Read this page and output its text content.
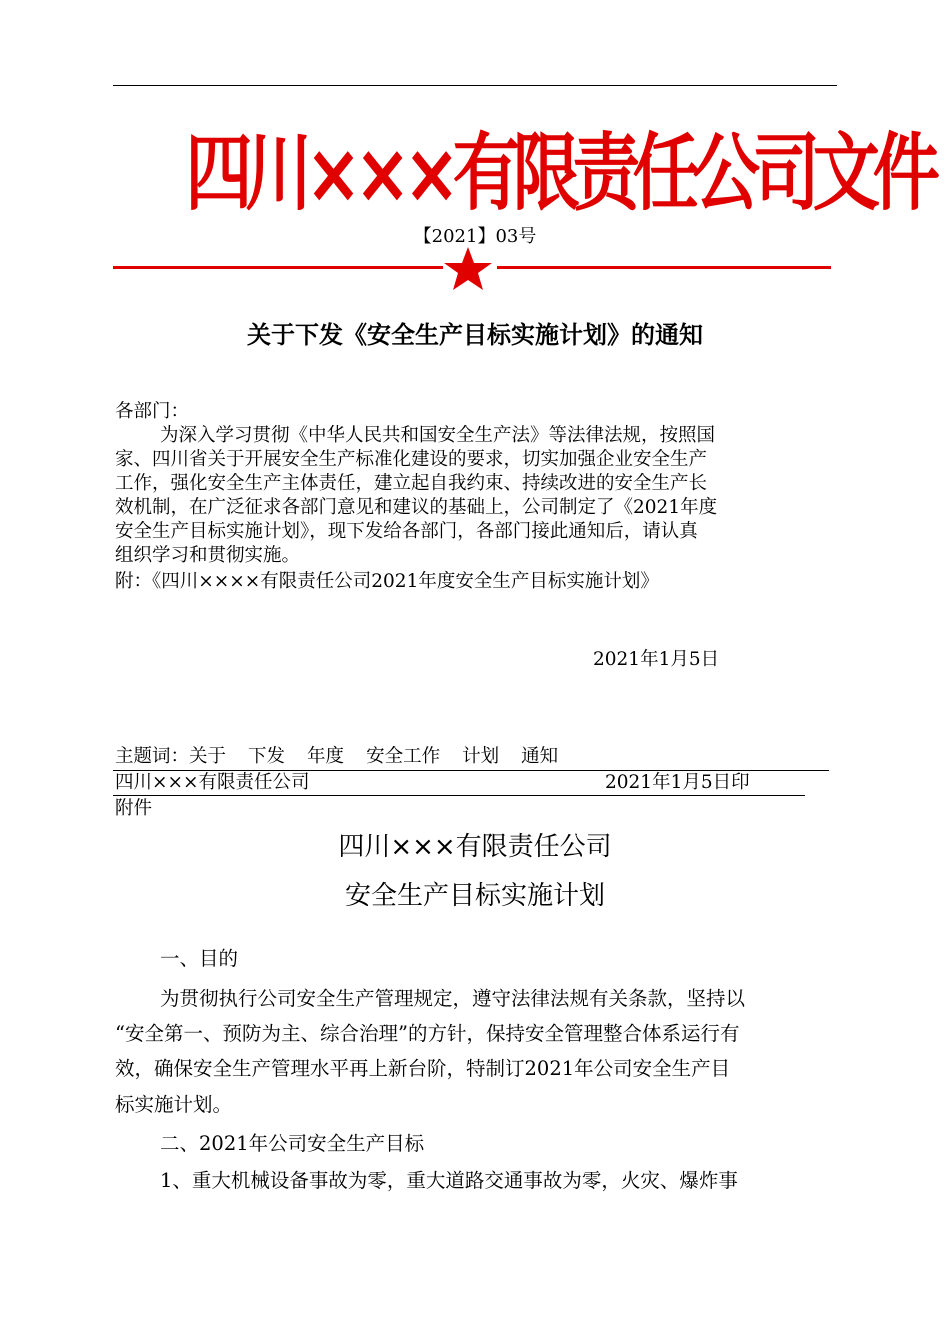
四川×××有限责任公司文件
【2021】03号
关于下发《安全生产目标实施计划》的通知
各部门：
为深入学习贯彻《中华人民共和国安全生产法》等法律法规，按照国
家、四川省关于开展安全生产标准化建设的要求，切实加强企业安全生产
工作，强化安全生产主体责任，建立起自我约束、持续改进的安全生产长
效机制，在广泛征求各部门意见和建议的基础上，公司制定了《2021年度
安全生产目标实施计划》，现下发给各部门，各部门接此通知后，请认真
组织学习和贯彻实施。
附：《四川××××有限责任公司2021年度安全生产目标实施计划》
2021年1月5日
主题词：关于 下发 年度 安全工作 计划 通知
四川×××有限责任公司	2021年1月5日印
附件
四川×××有限责任公司
安全生产目标实施计划
一、目的
为贯彻执行公司安全生产管理规定，遵守法律法规有关条款，坚持以
“安全第一、预防为主、综合治理”的方针，保持安全管理整合体系运行有
效，确保安全生产管理水平再上新台阶，特制订2021年公司安全生产目
标实施计划。
二、2021年公司安全生产目标
1、重大机械设备事故为零，重大道路交通事故为零，火灾、爆炸事
